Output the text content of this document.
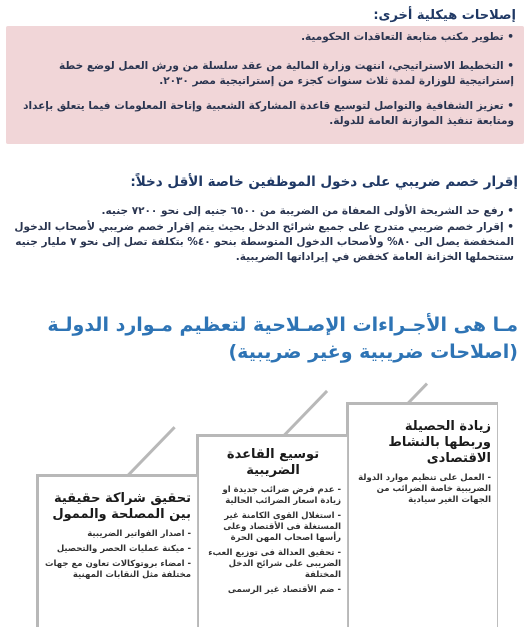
إصلاحات هيكلية أخرى:
• تطوير مكتب متابعة التعاقدات الحكومية.
• التخطيط الاستراتيجي، انتهت وزارة المالية من عقد سلسلة من ورش العمل لوضع خطة إستراتيجية للوزارة لمدة ثلاث سنوات كجزء من إستراتيجية مصر ٢٠٣٠.
• تعزيز الشفافية والتواصل لتوسيع قاعدة المشاركة الشعبية وإتاحة المعلومات فيما يتعلق بإعداد ومتابعة تنفيذ الموازنة العامة للدولة.
إقرار خصم ضريبي على دخول الموظفين خاصة الأقل دخلاً:
• رفع حد الشريحة الأولى المعفاة من الضريبة من ٦٥٠٠ جنيه إلى نحو ٧٢٠٠ جنيه.
• إقرار خصم ضريبي متدرج على جميع شرائح الدخل بحيث يتم إقرار خصم ضريبي لأصحاب الدخول المنخفضة يصل الى ٨٠% ولأصحاب الدخول المتوسطة بنحو ٤٠% بتكلفة تصل إلى نحو ٧ مليار جنيه ستتحملها الخزانة العامة كخفض في إيراداتها الضريبية.
مـا هى الأجـراءات الإصـلاحية لتعظيم مـوارد الدولـة (اصلاحات ضريبية وغير ضريبية)
زيادة الحصيلة وربطها بالنشاط الاقتصادى
- العمل على تنظيم موارد الدولة الضريبية خاصة الضرائب من الجهات الغير سيادية
توسيع القاعدة الضريبية
- عدم فرض ضرائب جديدة او زيادة اسعار الضرائب الحالية
- استغلال القوى الكامنة غير المستغلة فى الأقتصاد وعلى رأسها اصحاب المهن الحرة
- تحقيق العدالة فى توزيع العبء الضريبى على شرائح الدخل المختلفة
- ضم الأقتصاد غير الرسمى
تحقيق شراكة حقيقية بين المصلحة والممول
- اصدار الفواتير الضريبية
- ميكنة عمليات الحصر والتحصيل
- امضاء بروتوكالات تعاون مع جهات مختلفة مثل النقابات المهنية
